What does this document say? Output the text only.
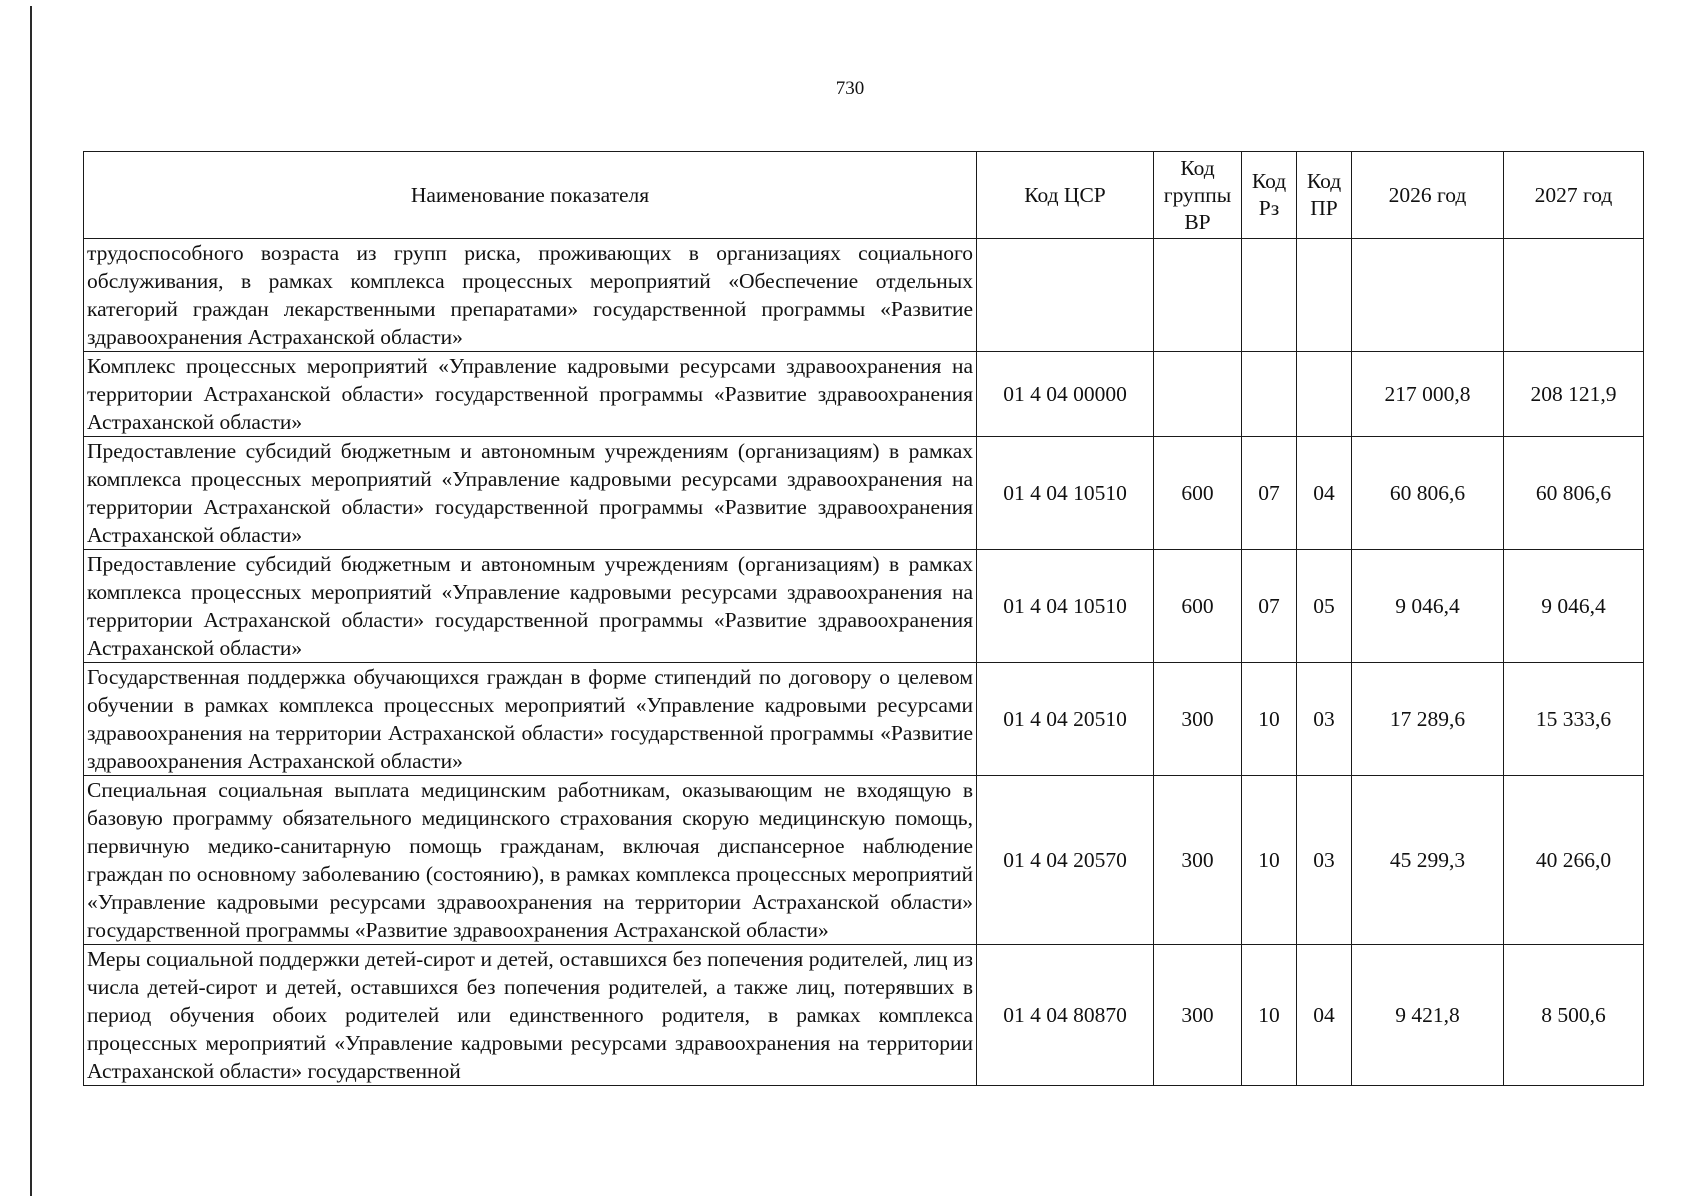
730
Наименование показателя	Код ЦСР	Код группы ВР	Код Рз	Код ПР	2026 год	2027 год
трудоспособного возраста из групп риска, проживающих в организациях социального обслуживания, в рамках комплекса процессных мероприятий «Обеспечение отдельных категорий граждан лекарственными препаратами» государственной программы «Развитие здравоохранения Астраханской области»						
Комплекс процессных мероприятий «Управление кадровыми ресурсами здравоохранения на территории Астраханской области» государственной программы «Развитие здравоохранения Астраханской области»	01 4 04 00000				217 000,8	208 121,9
Предоставление субсидий бюджетным и автономным учреждениям (организациям) в рамках комплекса процессных мероприятий «Управление кадровыми ресурсами здравоохранения на территории Астраханской области» государственной программы «Развитие здравоохранения Астраханской области»	01 4 04 10510	600	07	04	60 806,6	60 806,6
Предоставление субсидий бюджетным и автономным учреждениям (организациям) в рамках комплекса процессных мероприятий «Управление кадровыми ресурсами здравоохранения на территории Астраханской области» государственной программы «Развитие здравоохранения Астраханской области»	01 4 04 10510	600	07	05	9 046,4	9 046,4
Государственная поддержка обучающихся граждан в форме стипендий по договору о целевом обучении в рамках комплекса процессных мероприятий «Управление кадровыми ресурсами здравоохранения на территории Астраханской области» государственной программы «Развитие здравоохранения Астраханской области»	01 4 04 20510	300	10	03	17 289,6	15 333,6
Специальная социальная выплата медицинским работникам, оказывающим не входящую в базовую программу обязательного медицинского страхования скорую медицинскую помощь, первичную медико-санитарную помощь гражданам, включая диспансерное наблюдение граждан по основному заболеванию (состоянию), в рамках комплекса процессных мероприятий «Управление кадровыми ресурсами здравоохранения на территории Астраханской области» государственной программы «Развитие здравоохранения Астраханской области»	01 4 04 20570	300	10	03	45 299,3	40 266,0
Меры социальной поддержки детей-сирот и детей, оставшихся без попечения родителей, лиц из числа детей-сирот и детей, оставшихся без попечения родителей, а также лиц, потерявших в период обучения обоих родителей или единственного родителя, в рамках комплекса процессных мероприятий «Управление кадровыми ресурсами здравоохранения на территории Астраханской области» государственной	01 4 04 80870	300	10	04	9 421,8	8 500,6
